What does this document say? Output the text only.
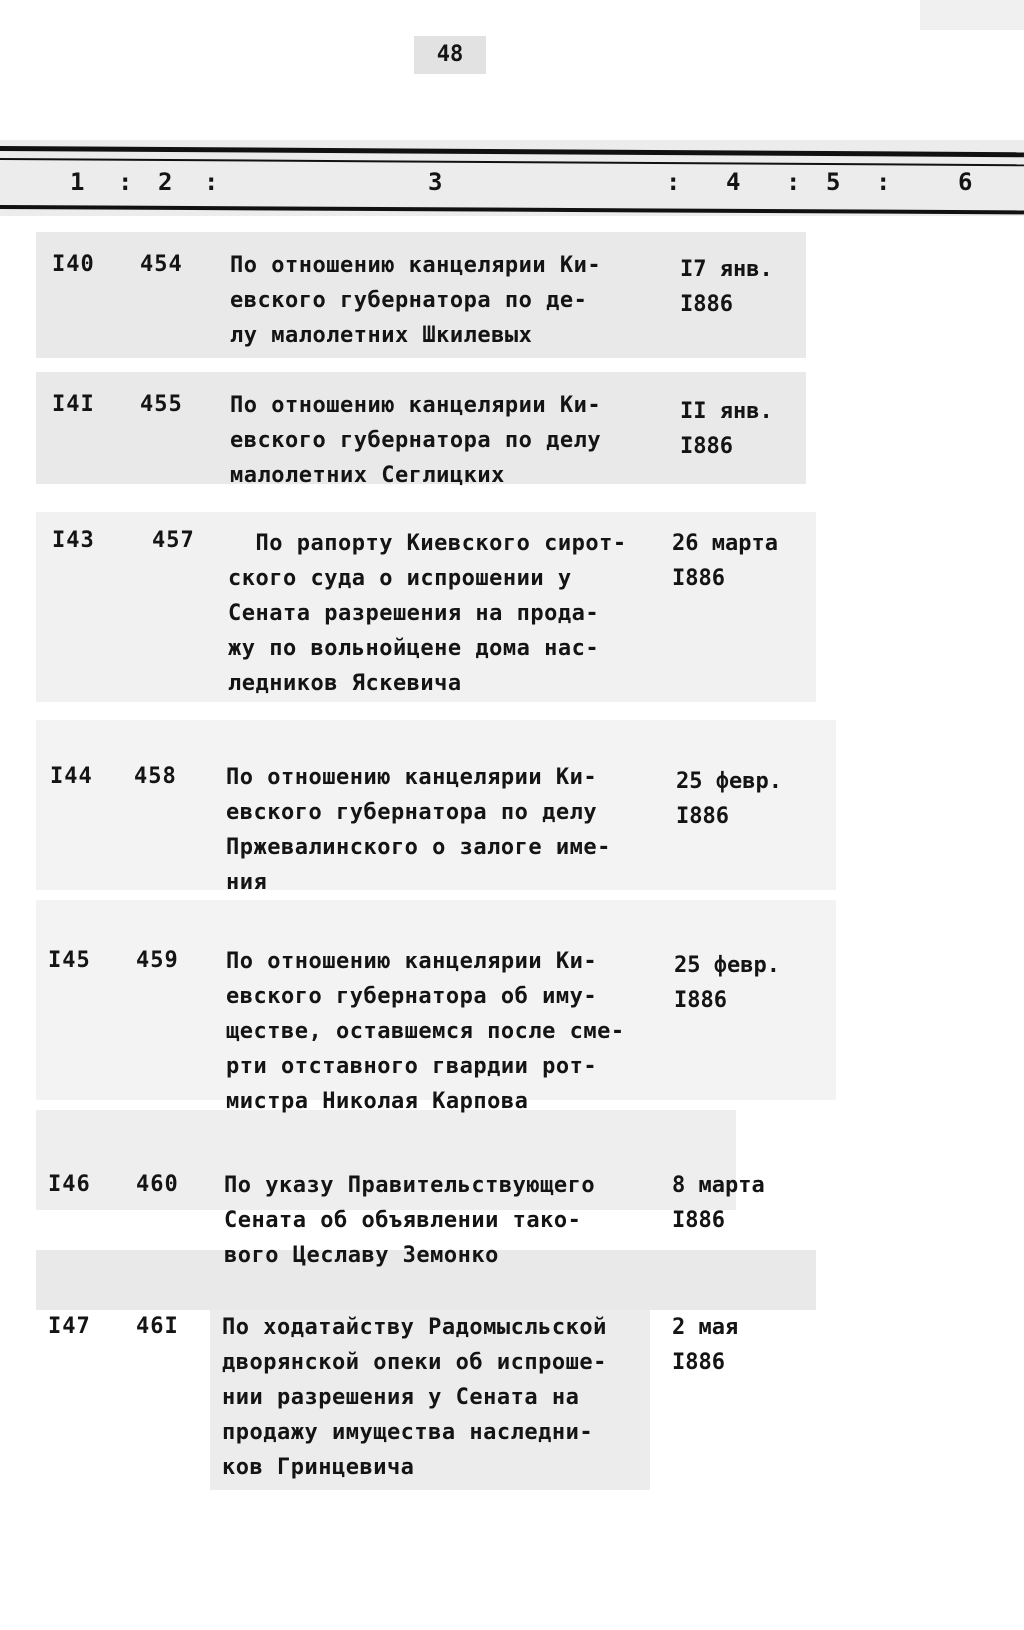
48
1 : 2 :	3	: 4 : 5 :	6
I40 454 По отношению канцелярии Ки-
евского губернатора по де-
лу малолетних Шкилевых
I7 янв.
I886
I4I 455 По отношению канцелярии Ки-
евского губернатора по делу
малолетних Сеглицких
II янв.
I886
I43	457	По рапорту Киевского сирот-
ского суда о испрошении у
Сената разрешения на прода-
жу по вольнойцене дома нас-
ледников Яскевича
26 марта
I886
I44 458 По отношению канцелярии Ки-
евского губернатора по делу
Пржевалинского о залоге име-
ния
25 февр.
I886
I45 459 По отношению канцелярии Ки-
евского губернатора об иму-
ществе, оставшемся после сме-
рти отставного гвардии рот-
мистра Николая Карпова
25 февр.
I886
I46 460 По указу Правительствующего
Сената об объявлении тако-
вого Цеславу Земонко
8 марта
I886
I47 46I По ходатайству Радомысльской
дворянской опеки об испроше-
нии разрешения у Сената на
продажу имущества наследни-
ков Гринцевича
2 мая
I886
